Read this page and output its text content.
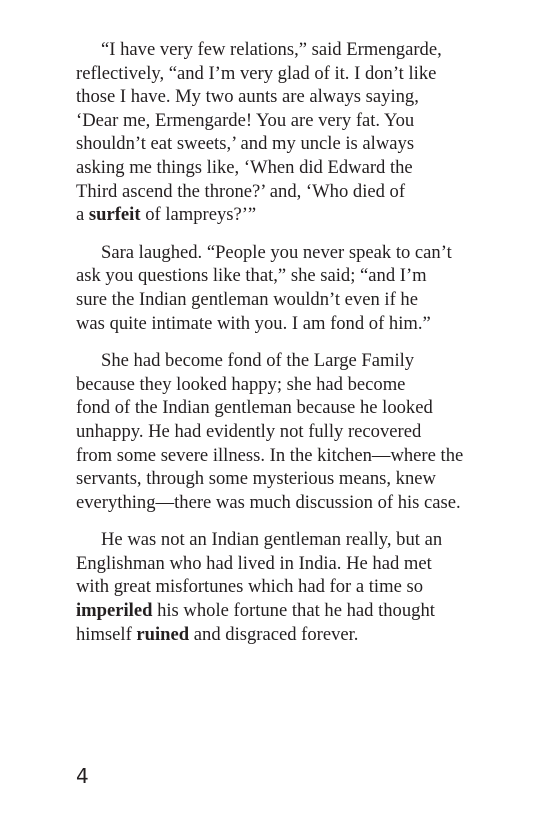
“I have very few relations,” said Ermengarde,
reflectively, “and I’m very glad of it. I don’t like
those I have. My two aunts are always saying,
‘Dear me, Ermengarde! You are very fat. You
shouldn’t eat sweets,’ and my uncle is always
asking me things like, ‘When did Edward the
Third ascend the throne?’ and, ‘Who died of
a surfeit of lampreys?’”

Sara laughed. “People you never speak to can’t
ask you questions like that,” she said; “and I’m
sure the Indian gentleman wouldn’t even if he
was quite intimate with you. I am fond of him.”

She had become fond of the Large Family
because they looked happy; she had become
fond of the Indian gentleman because he looked
unhappy. He had evidently not fully recovered
from some severe illness. In the kitchen—where the
servants, through some mysterious means, knew
everything—there was much discussion of his case.

He was not an Indian gentleman really, but an
Englishman who had lived in India. He had met
with great misfortunes which had for a time so
imperiled his whole fortune that he had thought
himself ruined and disgraced forever.

4
